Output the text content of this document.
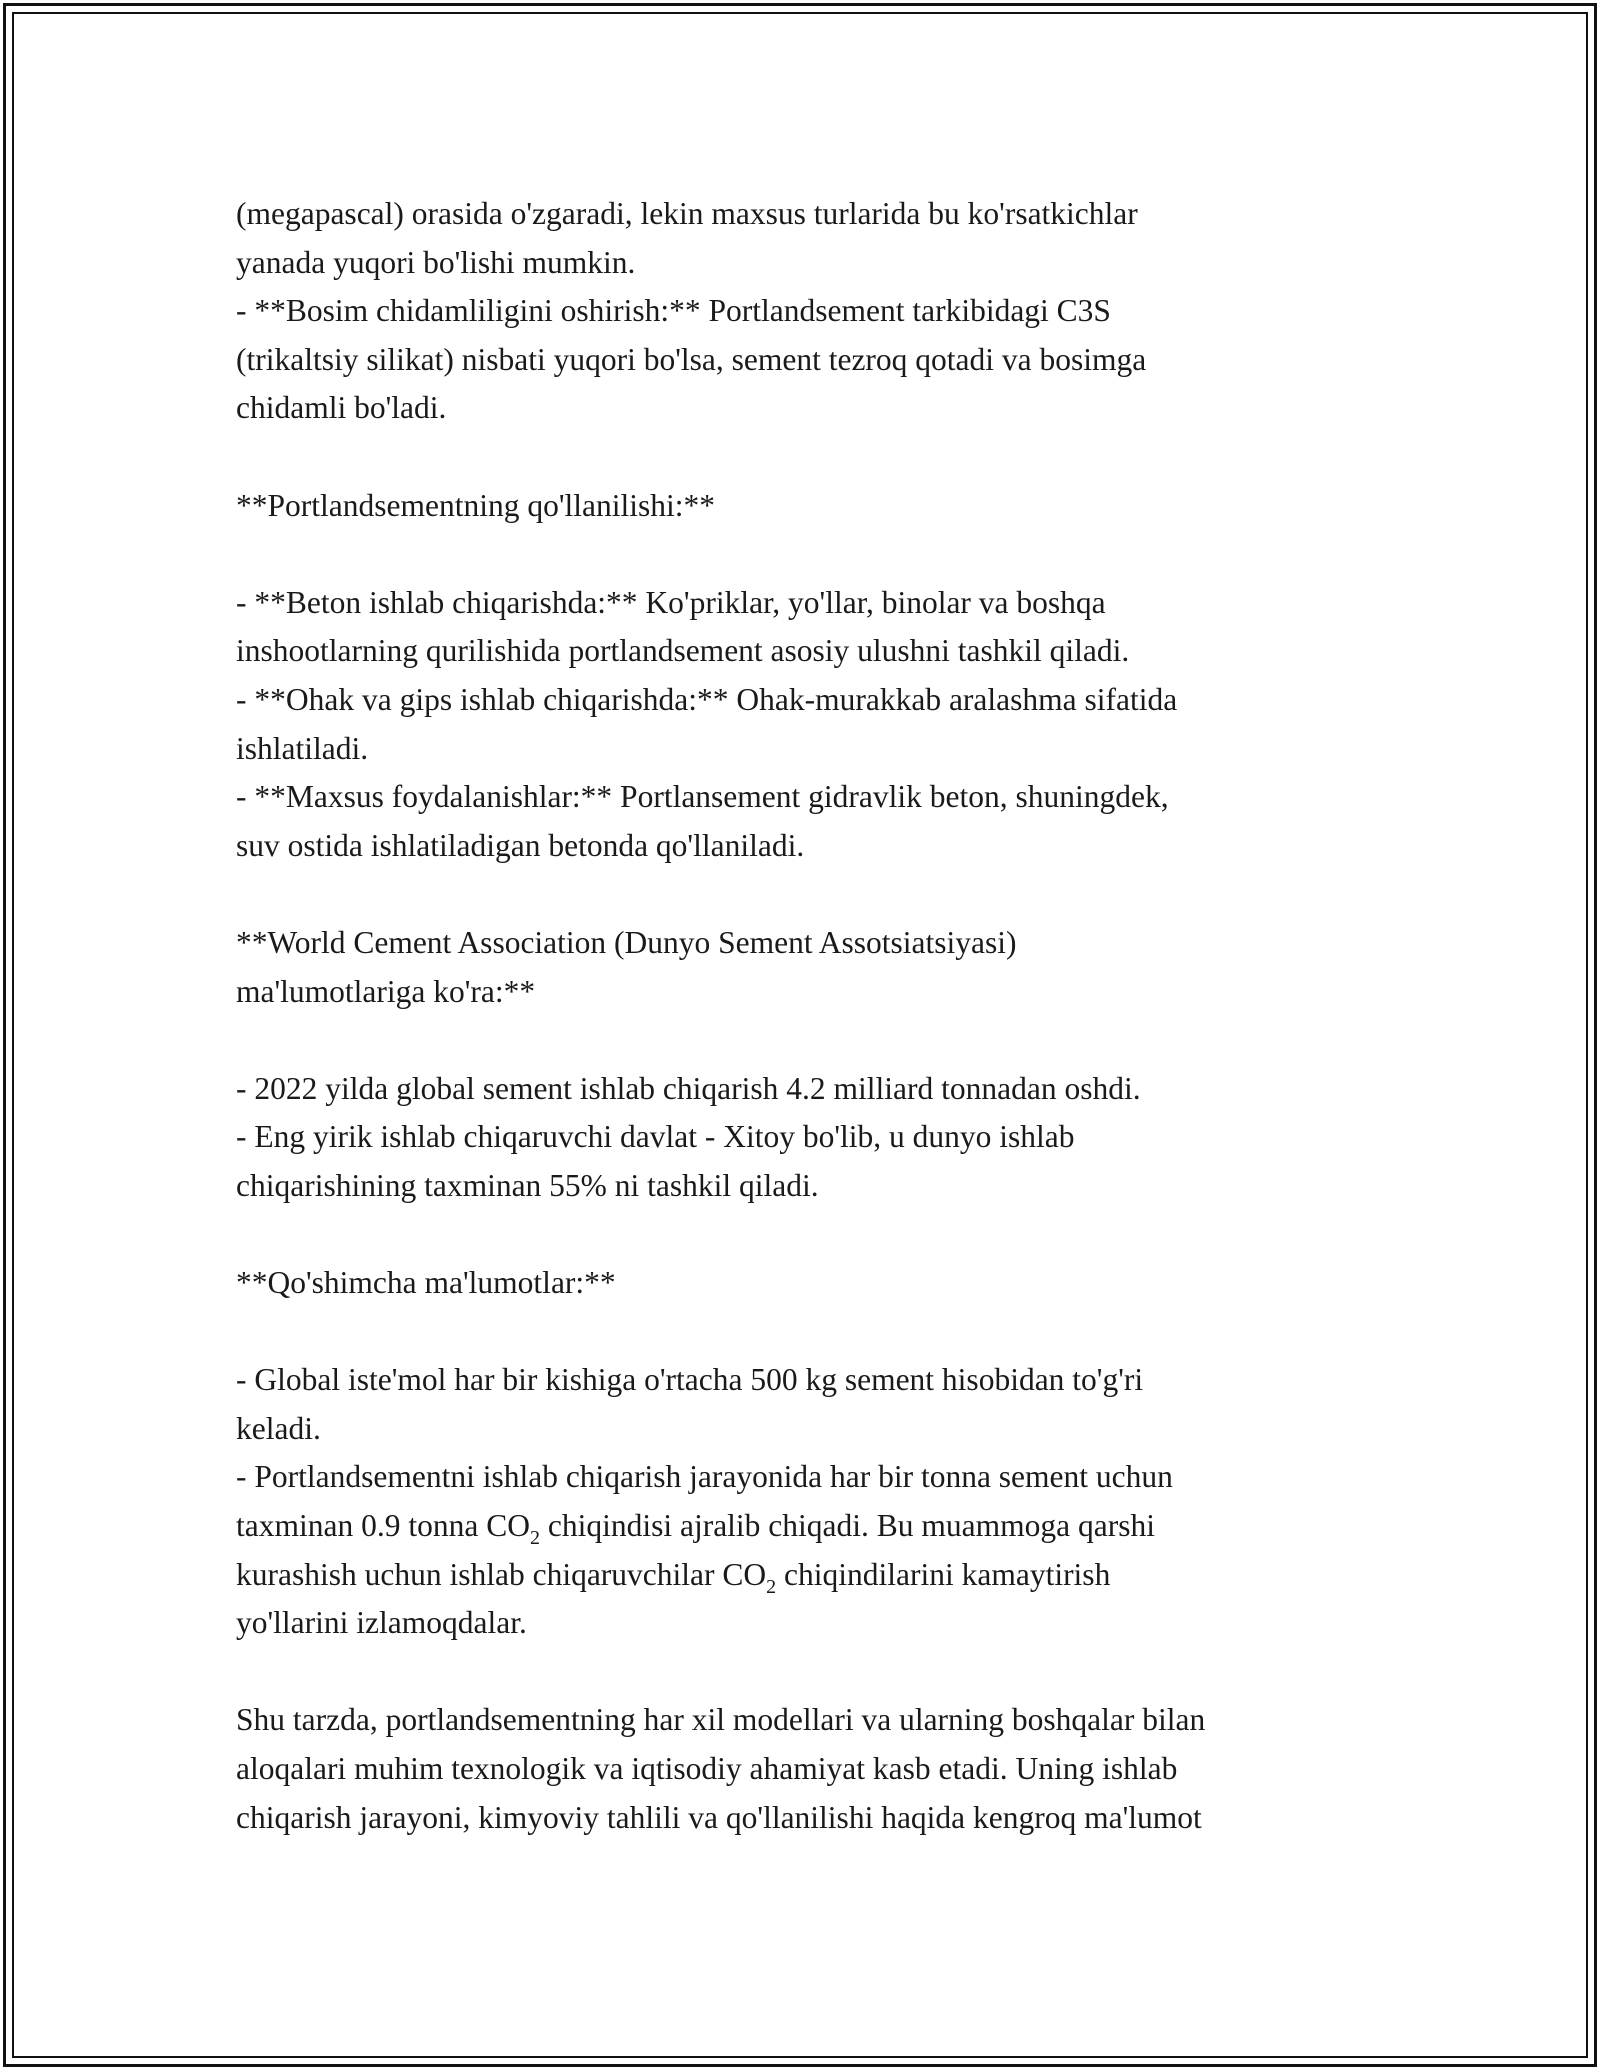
(megapascal) orasida o'zgaradi, lekin maxsus turlarida bu ko'rsatkichlar
yanada yuqori bo'lishi mumkin.
- **Bosim chidamliligini oshirish:** Portlandsement tarkibidagi C3S
(trikaltsiy silikat) nisbati yuqori bo'lsa, sement tezroq qotadi va bosimga
chidamli bo'ladi.
**Portlandsementning qo'llanilishi:**
- **Beton ishlab chiqarishda:** Ko'priklar, yo'llar, binolar va boshqa
inshootlarning qurilishida portlandsement asosiy ulushni tashkil qiladi.
- **Ohak va gips ishlab chiqarishda:** Ohak-murakkab aralashma sifatida
ishlatiladi.
- **Maxsus foydalanishlar:** Portlansement gidravlik beton, shuningdek,
suv ostida ishlatiladigan betonda qo'llaniladi.
**World Cement Association (Dunyo Sement Assotsiatsiyasi)
ma'lumotlariga ko'ra:**
- 2022 yilda global sement ishlab chiqarish 4.2 milliard tonnadan oshdi.
- Eng yirik ishlab chiqaruvchi davlat - Xitoy bo'lib, u dunyo ishlab
chiqarishining taxminan 55% ni tashkil qiladi.
**Qo'shimcha ma'lumotlar:**
- Global iste'mol har bir kishiga o'rtacha 500 kg sement hisobidan to'g'ri
keladi.
- Portlandsementni ishlab chiqarish jarayonida har bir tonna sement uchun
taxminan 0.9 tonna $CO_2$ chiqindisi ajralib chiqadi. Bu muammoga qarshi
kurashish uchun ishlab chiqaruvchilar $CO_2$ chiqindilarini kamaytirish
yo'llarini izlamoqdalar.
Shu tarzda, portlandsementning har xil modellari va ularning boshqalar bilan
aloqalari muhim texnologik va iqtisodiy ahamiyat kasb etadi. Uning ishlab
chiqarish jarayoni, kimyoviy tahlili va qo'llanilishi haqida kengroq ma'lumot
